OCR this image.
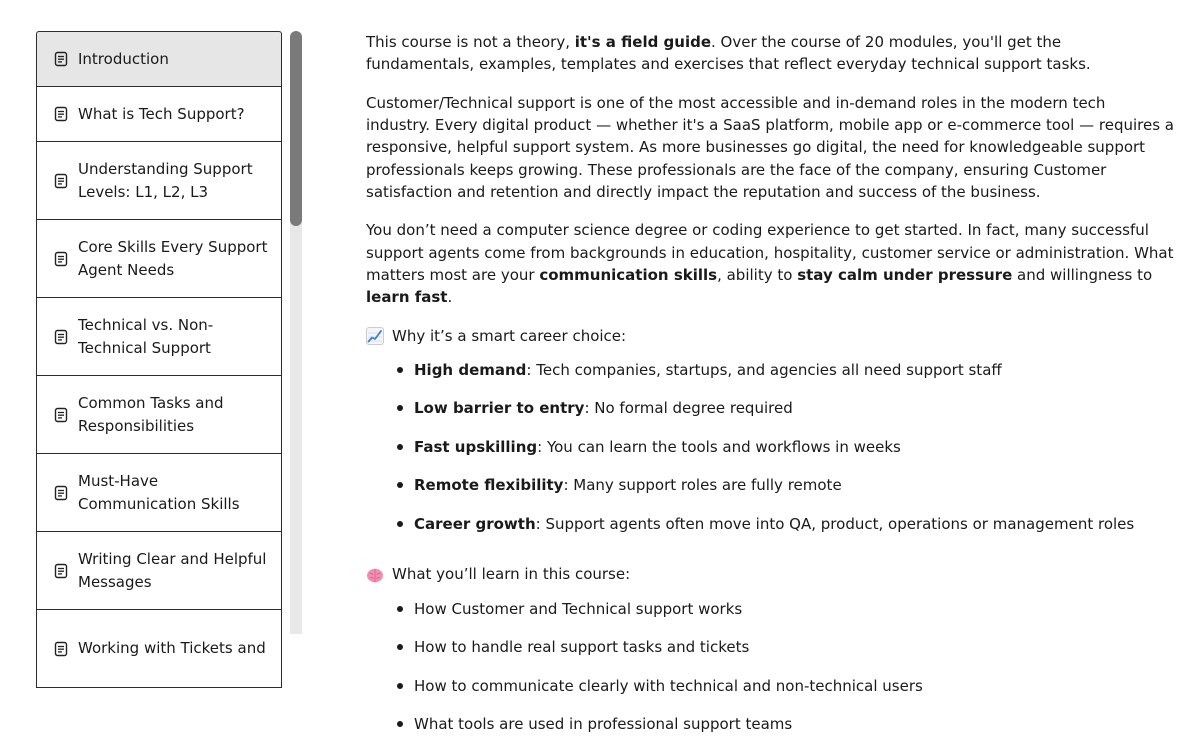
Introduction
What is Tech Support?
Understanding Support Levels: L1, L2, L3
Core Skills Every Support Agent Needs
Technical vs. Non-Technical Support
Common Tasks and Responsibilities
Must-Have Communication Skills
Writing Clear and Helpful Messages
Working with Tickets and

This course is not a theory, it's a field guide. Over the course of 20 modules, you'll get the fundamentals, examples, templates and exercises that reflect everyday technical support tasks.

Customer/Technical support is one of the most accessible and in-demand roles in the modern tech industry. Every digital product — whether it's a SaaS platform, mobile app or e-commerce tool — requires a responsive, helpful support system. As more businesses go digital, the need for knowledgeable support professionals keeps growing. These professionals are the face of the company, ensuring Customer satisfaction and retention and directly impact the reputation and success of the business.

You don’t need a computer science degree or coding experience to get started. In fact, many successful support agents come from backgrounds in education, hospitality, customer service or administration. What matters most are your communication skills, ability to stay calm under pressure and willingness to learn fast.

Why it’s a smart career choice:
High demand: Tech companies, startups, and agencies all need support staff
Low barrier to entry: No formal degree required
Fast upskilling: You can learn the tools and workflows in weeks
Remote flexibility: Many support roles are fully remote
Career growth: Support agents often move into QA, product, operations or management roles
What you’ll learn in this course:
How Customer and Technical support works
How to handle real support tasks and tickets
How to communicate clearly with technical and non-technical users
What tools are used in professional support teams
